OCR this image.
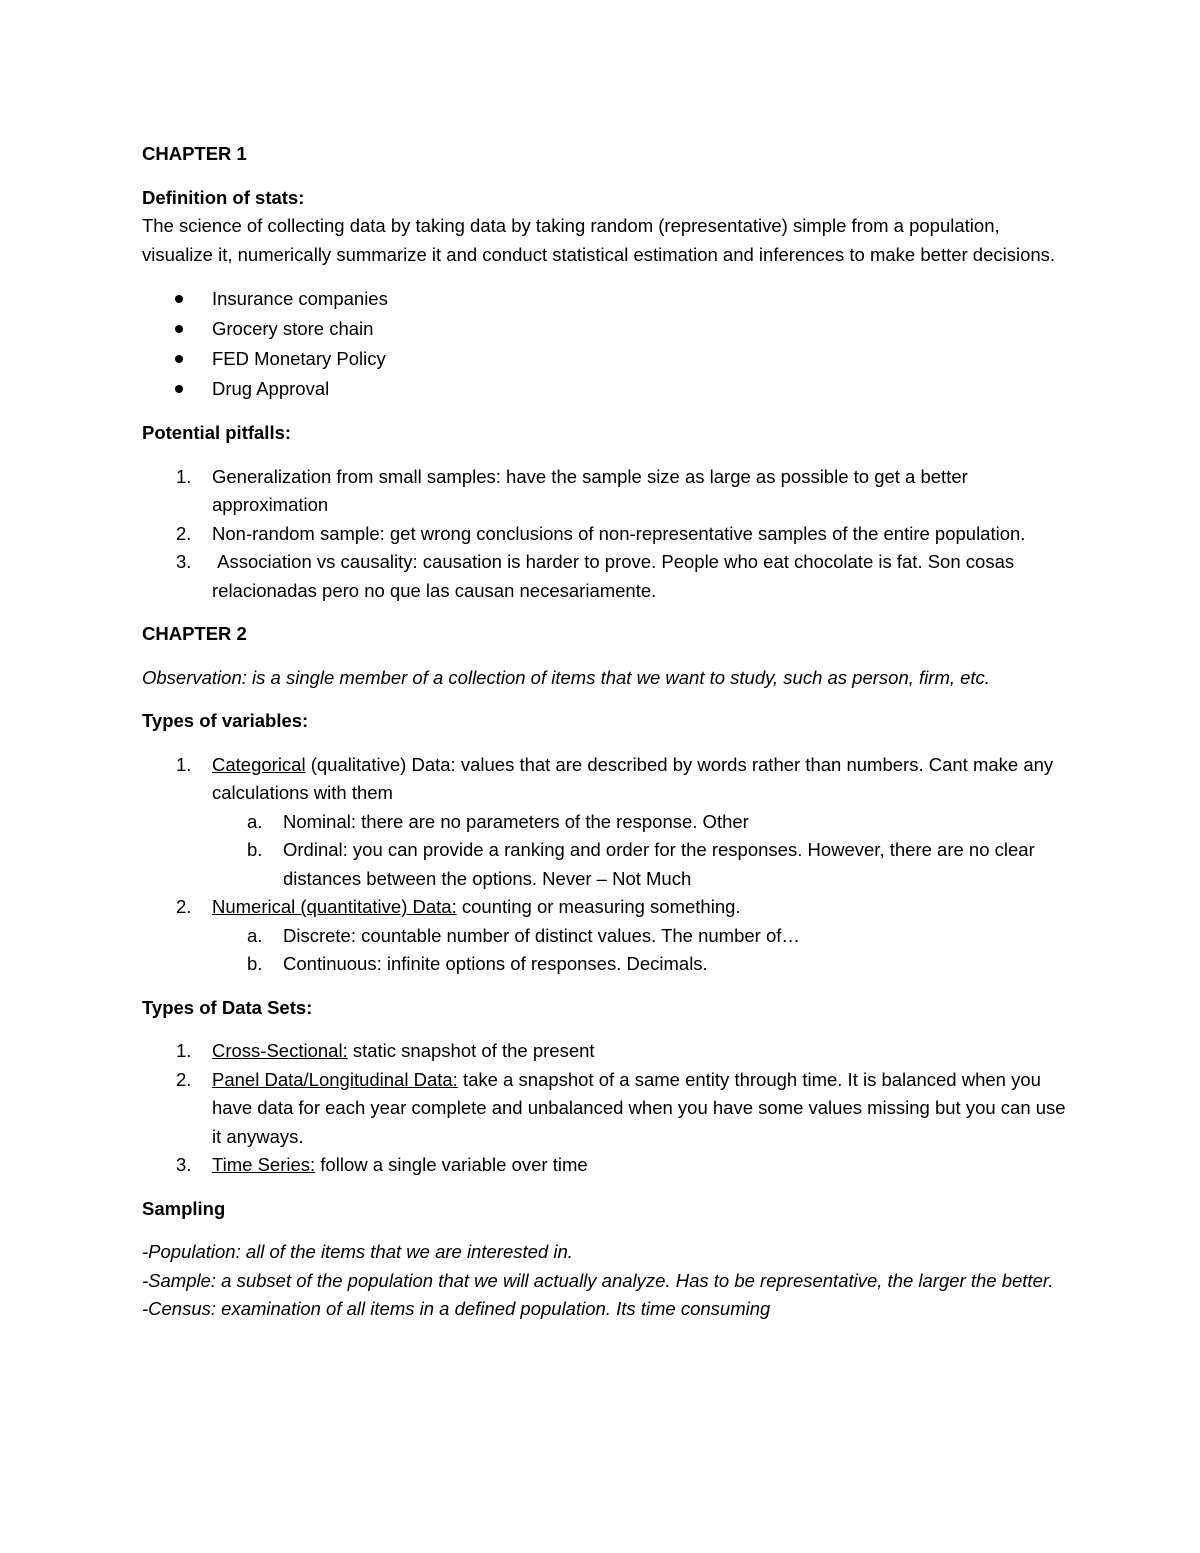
CHAPTER 1

Definition of stats:

The science of collecting data by taking data by taking random (representative) simple from a population, visualize it, numerically summarize it and conduct statistical estimation and inferences to make better decisions.

Insurance companies
Grocery store chain
FED Monetary Policy
Drug Approval

Potential pitfalls:

1. Generalization from small samples: have the sample size as large as possible to get a better approximation
2. Non-random sample: get wrong conclusions of non-representative samples of the entire population.
3. Association vs causality: causation is harder to prove. People who eat chocolate is fat. Son cosas relacionadas pero no que las causan necesariamente.

CHAPTER 2

Observation: is a single member of a collection of items that we want to study, such as person, firm, etc.

Types of variables:

1. Categorical (qualitative) Data: values that are described by words rather than numbers. Cant make any calculations with them
a. Nominal: there are no parameters of the response. Other
b. Ordinal: you can provide a ranking and order for the responses. However, there are no clear distances between the options. Never – Not Much
2. Numerical (quantitative) Data: counting or measuring something.
a. Discrete: countable number of distinct values. The number of…
b. Continuous: infinite options of responses. Decimals.

Types of Data Sets:

1. Cross-Sectional: static snapshot of the present
2. Panel Data/Longitudinal Data: take a snapshot of a same entity through time. It is balanced when you have data for each year complete and unbalanced when you have some values missing but you can use it anyways.
3. Time Series: follow a single variable over time

Sampling

-Population: all of the items that we are interested in.

-Sample: a subset of the population that we will actually analyze. Has to be representative, the larger the better.

-Census: examination of all items in a defined population. Its time consuming
